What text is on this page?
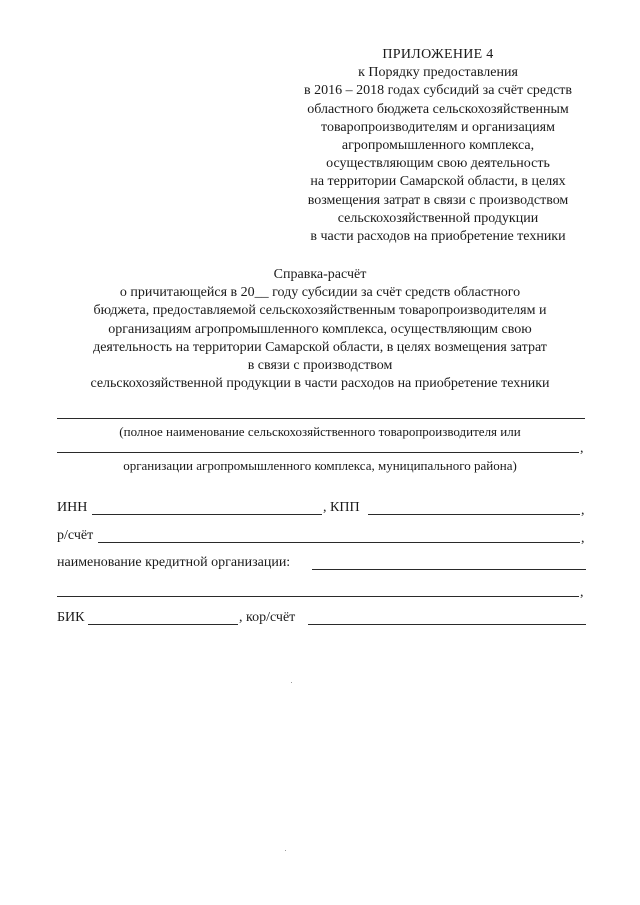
ПРИЛОЖЕНИЕ 4
к Порядку предоставления
в 2016 – 2018 годах субсидий за счёт средств
областного бюджета сельскохозяйственным
товаропроизводителям и организациям
агропромышленного комплекса,
осуществляющим свою деятельность
на территории Самарской области, в целях
возмещения затрат в связи с производством
сельскохозяйственной продукции
в части расходов на приобретение техники
Справка-расчёт
о причитающейся в 20__ году субсидии за счёт средств областного
бюджета, предоставляемой сельскохозяйственным товаропроизводителям и
организациям агропромышленного комплекса, осуществляющим свою
деятельность на территории Самарской области, в целях возмещения затрат
в связи с производством
сельскохозяйственной продукции в части расходов на приобретение техники
(полное наименование сельскохозяйственного товаропроизводителя или
,
организации агропромышленного комплекса, муниципального района)
ИНН	, КПП	,
р/счёт	,
наименование кредитной организации:
,
БИК	, кор/счёт
